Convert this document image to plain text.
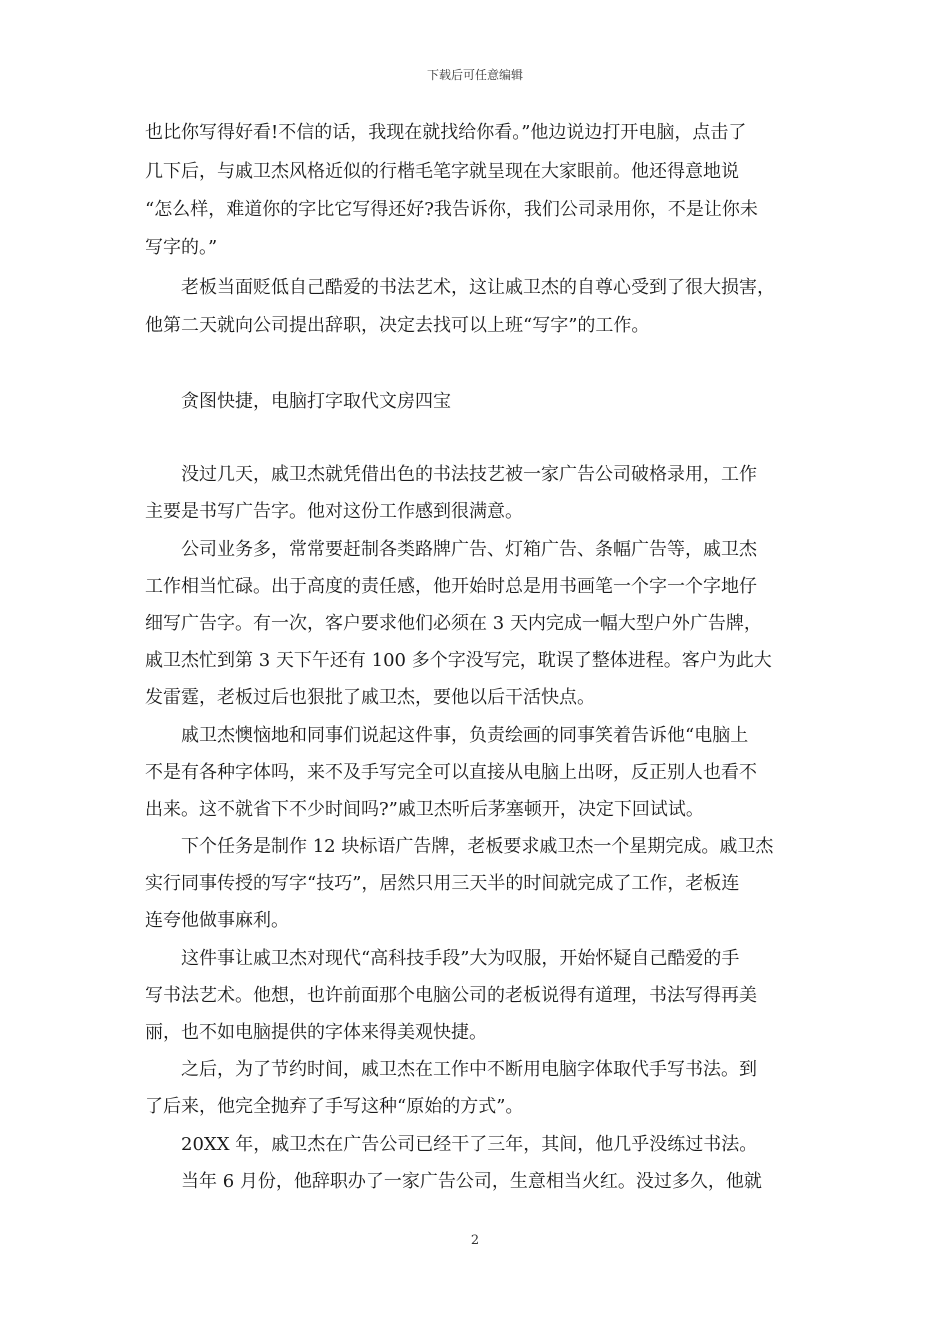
下载后可任意编辑
也比你写得好看!不信的话，我现在就找给你看。”他边说边打开电脑，点击了
几下后，与戚卫杰风格近似的行楷毛笔字就呈现在大家眼前。他还得意地说
“怎么样，难道你的字比它写得还好?我告诉你，我们公司录用你，不是让你未
写字的。”
老板当面贬低自己酷爱的书法艺术，这让戚卫杰的自尊心受到了很大损害，
他第二天就向公司提出辞职，决定去找可以上班“写字”的工作。
贪图快捷，电脑打字取代文房四宝
没过几天，戚卫杰就凭借出色的书法技艺被一家广告公司破格录用，工作
主要是书写广告字。他对这份工作感到很满意。
公司业务多，常常要赶制各类路牌广告、灯箱广告、条幅广告等，戚卫杰
工作相当忙碌。出于高度的责任感，他开始时总是用书画笔一个字一个字地仔
细写广告字。有一次，客户要求他们必须在 3 天内完成一幅大型户外广告牌，
戚卫杰忙到第 3 天下午还有 100 多个字没写完，耽误了整体进程。客户为此大
发雷霆，老板过后也狠批了戚卫杰，要他以后干活快点。
戚卫杰懊恼地和同事们说起这件事，负责绘画的同事笑着告诉他“电脑上
不是有各种字体吗，来不及手写完全可以直接从电脑上出呀，反正别人也看不
出来。这不就省下不少时间吗?”戚卫杰听后茅塞顿开，决定下回试试。
下个任务是制作 12 块标语广告牌，老板要求戚卫杰一个星期完成。戚卫杰
实行同事传授的写字“技巧”，居然只用三天半的时间就完成了工作，老板连
连夸他做事麻利。
这件事让戚卫杰对现代“高科技手段”大为叹服，开始怀疑自己酷爱的手
写书法艺术。他想，也许前面那个电脑公司的老板说得有道理，书法写得再美
丽，也不如电脑提供的字体来得美观快捷。
之后，为了节约时间，戚卫杰在工作中不断用电脑字体取代手写书法。到
了后来，他完全抛弃了手写这种“原始的方式”。
20XX 年，戚卫杰在广告公司已经干了三年，其间，他几乎没练过书法。
当年 6 月份，他辞职办了一家广告公司，生意相当火红。没过多久，他就
2
